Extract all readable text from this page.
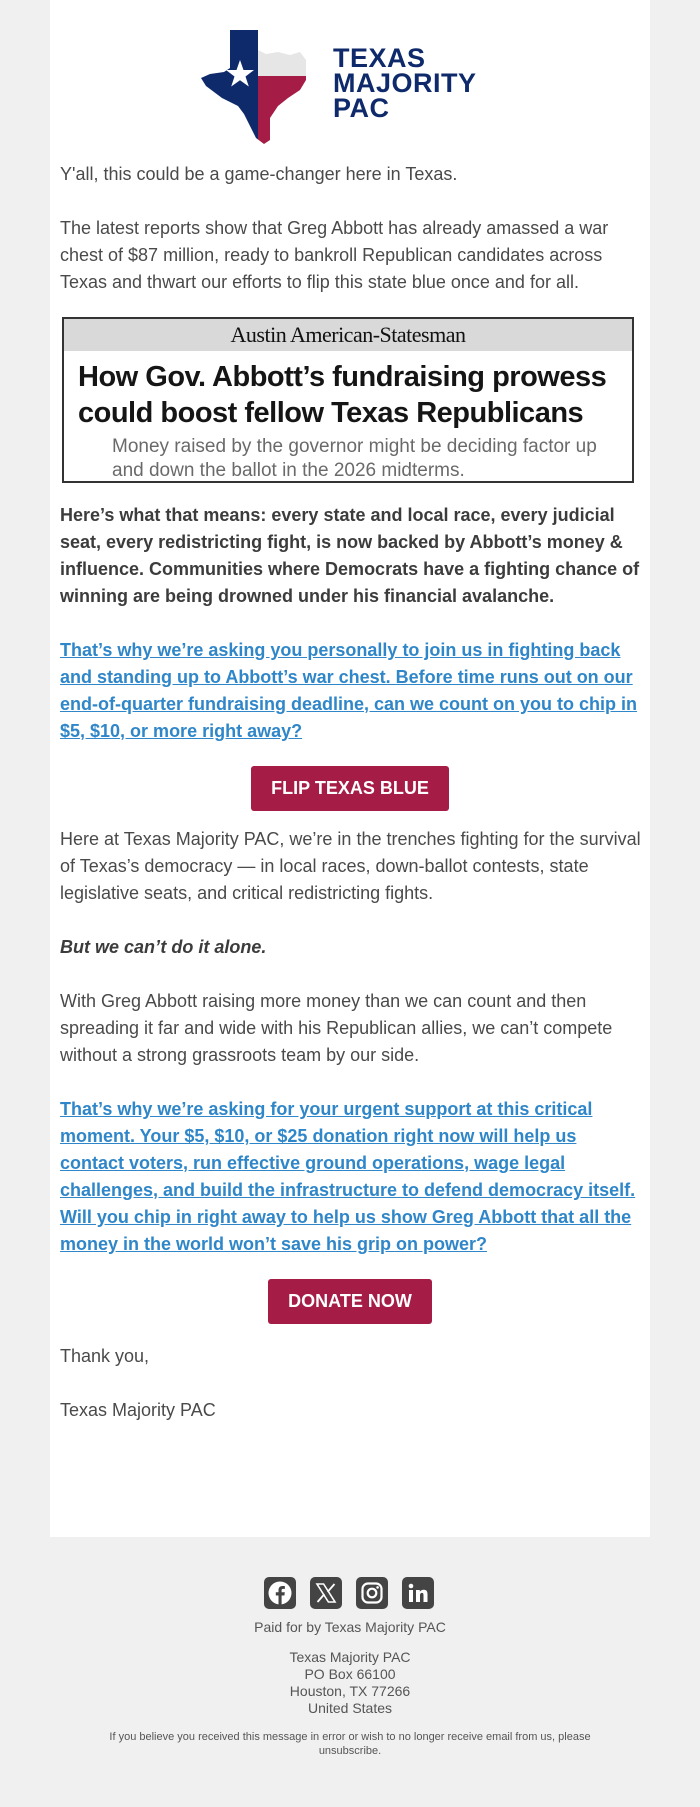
TEXAS
MAJORITY
PAC

Y'all, this could be a game-changer here in Texas.

The latest reports show that Greg Abbott has already amassed a war chest of $87 million, ready to bankroll Republican candidates across Texas and thwart our efforts to flip this state blue once and for all.

Austin American-Statesman
How Gov. Abbott’s fundraising prowess could boost fellow Texas Republicans
Money raised by the governor might be deciding factor up and down the ballot in the 2026 midterms.

Here’s what that means: every state and local race, every judicial seat, every redistricting fight, is now backed by Abbott’s money & influence. Communities where Democrats have a fighting chance of winning are being drowned under his financial avalanche.

That’s why we’re asking you personally to join us in fighting back and standing up to Abbott’s war chest. Before time runs out on our end-of-quarter fundraising deadline, can we count on you to chip in $5, $10, or more right away?

FLIP TEXAS BLUE

Here at Texas Majority PAC, we’re in the trenches fighting for the survival of Texas’s democracy — in local races, down-ballot contests, state legislative seats, and critical redistricting fights.

But we can’t do it alone.

With Greg Abbott raising more money than we can count and then spreading it far and wide with his Republican allies, we can’t compete without a strong grassroots team by our side.

That’s why we’re asking for your urgent support at this critical moment. Your $5, $10, or $25 donation right now will help us contact voters, run effective ground operations, wage legal challenges, and build the infrastructure to defend democracy itself. Will you chip in right away to help us show Greg Abbott that all the money in the world won’t save his grip on power?

DONATE NOW

Thank you,

Texas Majority PAC

Paid for by Texas Majority PAC
Texas Majority PAC
PO Box 66100
Houston, TX 77266
United States
If you believe you received this message in error or wish to no longer receive email from us, please unsubscribe.
